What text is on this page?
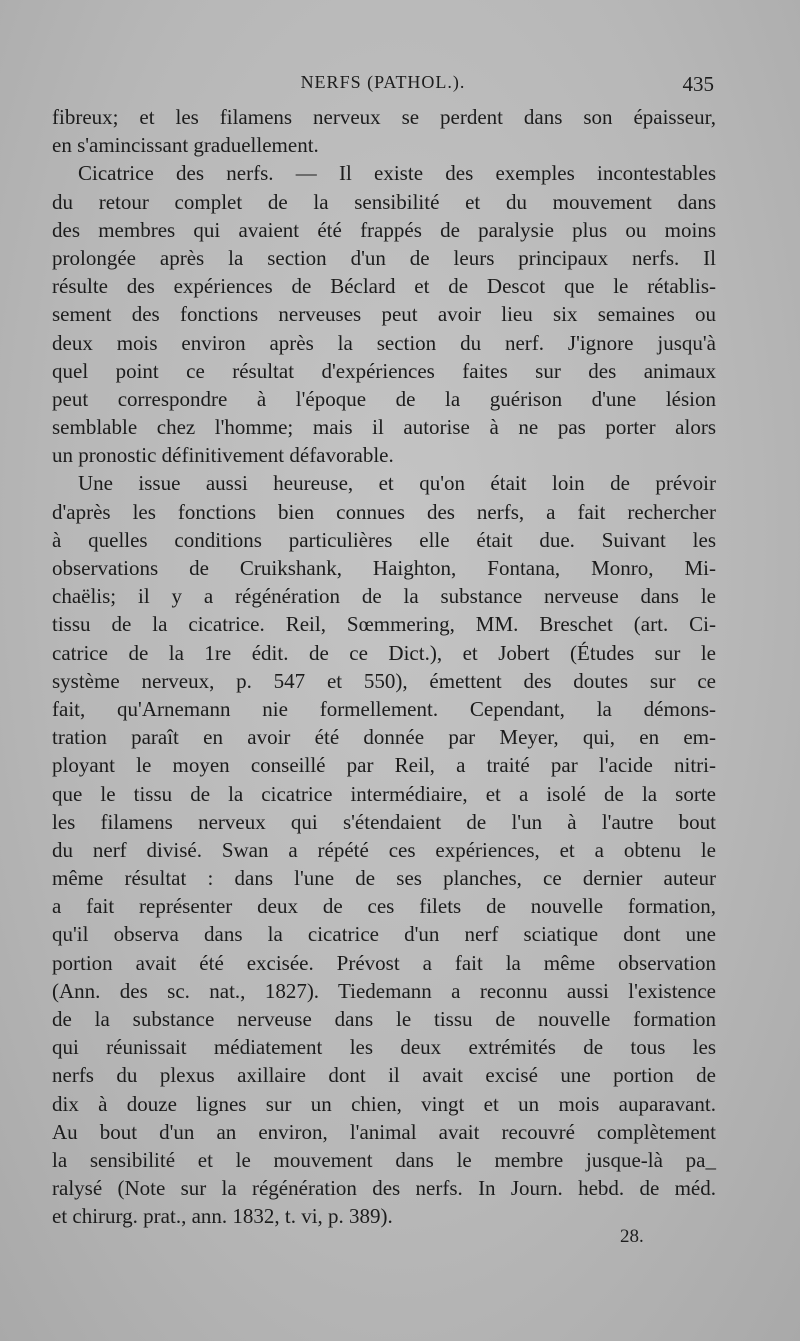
NERFS (PATHOL.).	435
fibreux; et les filamens nerveux se perdent dans son épaisseur,
en s'amincissant graduellement.
Cicatrice des nerfs. — Il existe des exemples incontestables
du retour complet de la sensibilité et du mouvement dans
des membres qui avaient été frappés de paralysie plus ou moins
prolongée après la section d'un de leurs principaux nerfs. Il
résulte des expériences de Béclard et de Descot que le rétablis-
sement des fonctions nerveuses peut avoir lieu six semaines ou
deux mois environ après la section du nerf. J'ignore jusqu'à
quel point ce résultat d'expériences faites sur des animaux
peut correspondre à l'époque de la guérison d'une lésion
semblable chez l'homme; mais il autorise à ne pas porter alors
un pronostic définitivement défavorable.
Une issue aussi heureuse, et qu'on était loin de prévoir
d'après les fonctions bien connues des nerfs, a fait rechercher
à quelles conditions particulières elle était due. Suivant les
observations de Cruikshank, Haighton, Fontana, Monro, Mi-
chaëlis; il y a régénération de la substance nerveuse dans le
tissu de la cicatrice. Reil, Sœmmering, MM. Breschet (art. Ci-
catrice de la 1re édit. de ce Dict.), et Jobert (Études sur le
système nerveux, p. 547 et 550), émettent des doutes sur ce
fait, qu'Arnemann nie formellement. Cependant, la démons-
tration paraît en avoir été donnée par Meyer, qui, en em-
ployant le moyen conseillé par Reil, a traité par l'acide nitri-
que le tissu de la cicatrice intermédiaire, et a isolé de la sorte
les filamens nerveux qui s'étendaient de l'un à l'autre bout
du nerf divisé. Swan a répété ces expériences, et a obtenu le
même résultat : dans l'une de ses planches, ce dernier auteur
a fait représenter deux de ces filets de nouvelle formation,
qu'il observa dans la cicatrice d'un nerf sciatique dont une
portion avait été excisée. Prévost a fait la même observation
(Ann. des sc. nat., 1827). Tiedemann a reconnu aussi l'existence
de la substance nerveuse dans le tissu de nouvelle formation
qui réunissait médiatement les deux extrémités de tous les
nerfs du plexus axillaire dont il avait excisé une portion de
dix à douze lignes sur un chien, vingt et un mois auparavant.
Au bout d'un an environ, l'animal avait recouvré complètement
la sensibilité et le mouvement dans le membre jusque-là pa_
ralysé (Note sur la régénération des nerfs. In Journ. hebd. de méd.
et chirurg. prat., ann. 1832, t. vi, p. 389).
28.
